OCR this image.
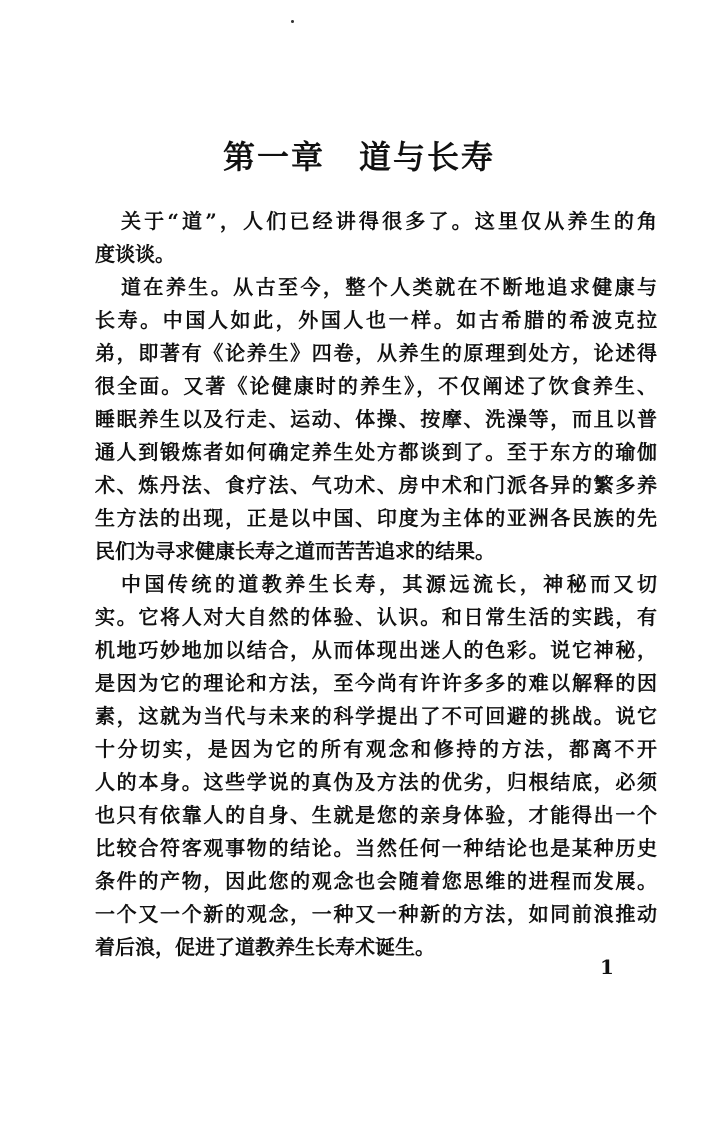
第一章　道与长寿
关于“道”，人们已经讲得很多了。这里仅从养生的角
度谈谈。
道在养生。从古至今，整个人类就在不断地追求健康与
长寿。中国人如此，外国人也一样。如古希腊的希波克拉
弟，即著有《论养生》四卷，从养生的原理到处方，论述得
很全面。又著《论健康时的养生》，不仅阐述了饮食养生、
睡眠养生以及行走、运动、体操、按摩、洗澡等，而且以普
通人到锻炼者如何确定养生处方都谈到了。至于东方的瑜伽
术、炼丹法、食疗法、气功术、房中术和门派各异的繁多养
生方法的出现，正是以中国、印度为主体的亚洲各民族的先
民们为寻求健康长寿之道而苦苦追求的结果。
中国传统的道教养生长寿，其源远流长，神秘而又切
实。它将人对大自然的体验、认识。和日常生活的实践，有
机地巧妙地加以结合，从而体现出迷人的色彩。说它神秘，
是因为它的理论和方法，至今尚有许许多多的难以解释的因
素，这就为当代与未来的科学提出了不可回避的挑战。说它
十分切实，是因为它的所有观念和修持的方法，都离不开
人的本身。这些学说的真伪及方法的优劣，归根结底，必须
也只有依靠人的自身、生就是您的亲身体验，才能得出一个
比较合符客观事物的结论。当然任何一种结论也是某种历史
条件的产物，因此您的观念也会随着您思维的进程而发展。
一个又一个新的观念，一种又一种新的方法，如同前浪推动
着后浪，促进了道教养生长寿术诞生。
1
